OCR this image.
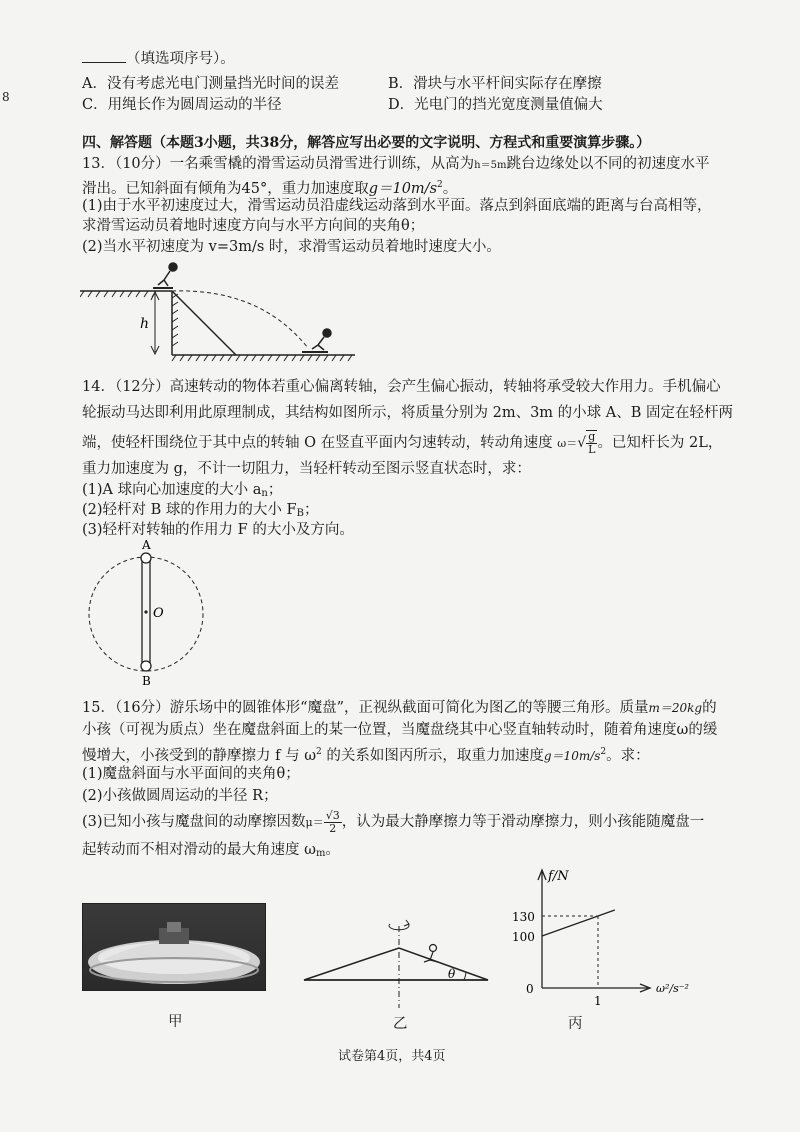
8
（填选项序号）。
A．没有考虑光电门测量挡光时间的误差	B．滑块与水平杆间实际存在摩擦
C．用绳长作为圆周运动的半径	D．光电门的挡光宽度测量值偏大
四、解答题（本题3小题，共38分，解答应写出必要的文字说明、方程式和重要演算步骤。）
13．（10分）一名乘雪橇的滑雪运动员滑雪进行训练，从高为h＝5m跳台边缘处以不同的初速度水平
滑出。已知斜面有倾角为45°，重力加速度取$g=10m/s^2$。
(1)由于水平初速度过大，滑雪运动员沿虚线运动落到水平面。落点到斜面底端的距离与台高相等，
求滑雪运动员着地时速度方向与水平方向间的夹角θ；
(2)当水平初速度为 v=3m/s 时，求滑雪运动员着地时速度大小。
h
14．（12分）高速转动的物体若重心偏离转轴，会产生偏心振动，转轴将承受较大作用力。手机偏心
轮振动马达即利用此原理制成，其结构如图所示，将质量分别为 2m、3m 的小球 A、B 固定在轻杆两
端，使轻杆围绕位于其中点的转轴 O 在竖直平面内匀速转动，转动角速度 $\omega=√ \frac{g}{L}$ 。已知杆长为 2L，
重力加速度为 g，不计一切阻力，当轻杆转动至图示竖直状态时，求：
(1)A 球向心加速度的大小 $a_n$；
(2)轻杆对 B 球的作用力的大小 $F_B$；
(3)轻杆对转轴的作用力 F 的大小及方向。
A
B
O
15．（16分）游乐场中的圆锥体形“魔盘”，正视纵截面可简化为图乙的等腰三角形。质量m＝20kg的
小孩（可视为质点）坐在魔盘斜面上的某一位置，当魔盘绕其中心竖直轴转动时，随着角速度ω的缓
慢增大，小孩受到的静摩擦力 f 与 $\omega^2$ 的关系如图丙所示，取重力加速度$g=10m/s^2$。求：
(1)魔盘斜面与水平面间的夹角θ；
(2)小孩做圆周运动的半径 R；
(3)已知小孩与魔盘间的动摩擦因数$\mu= \frac{√3}{2}$ ，认为最大静摩擦力等于滑动摩擦力，则小孩能随魔盘一
起转动而不相对滑动的最大角速度 $\omega_m$。
甲
θ
乙
f/N
ω²/s⁻²
130
100
0
1
丙
试卷第4页，共4页
